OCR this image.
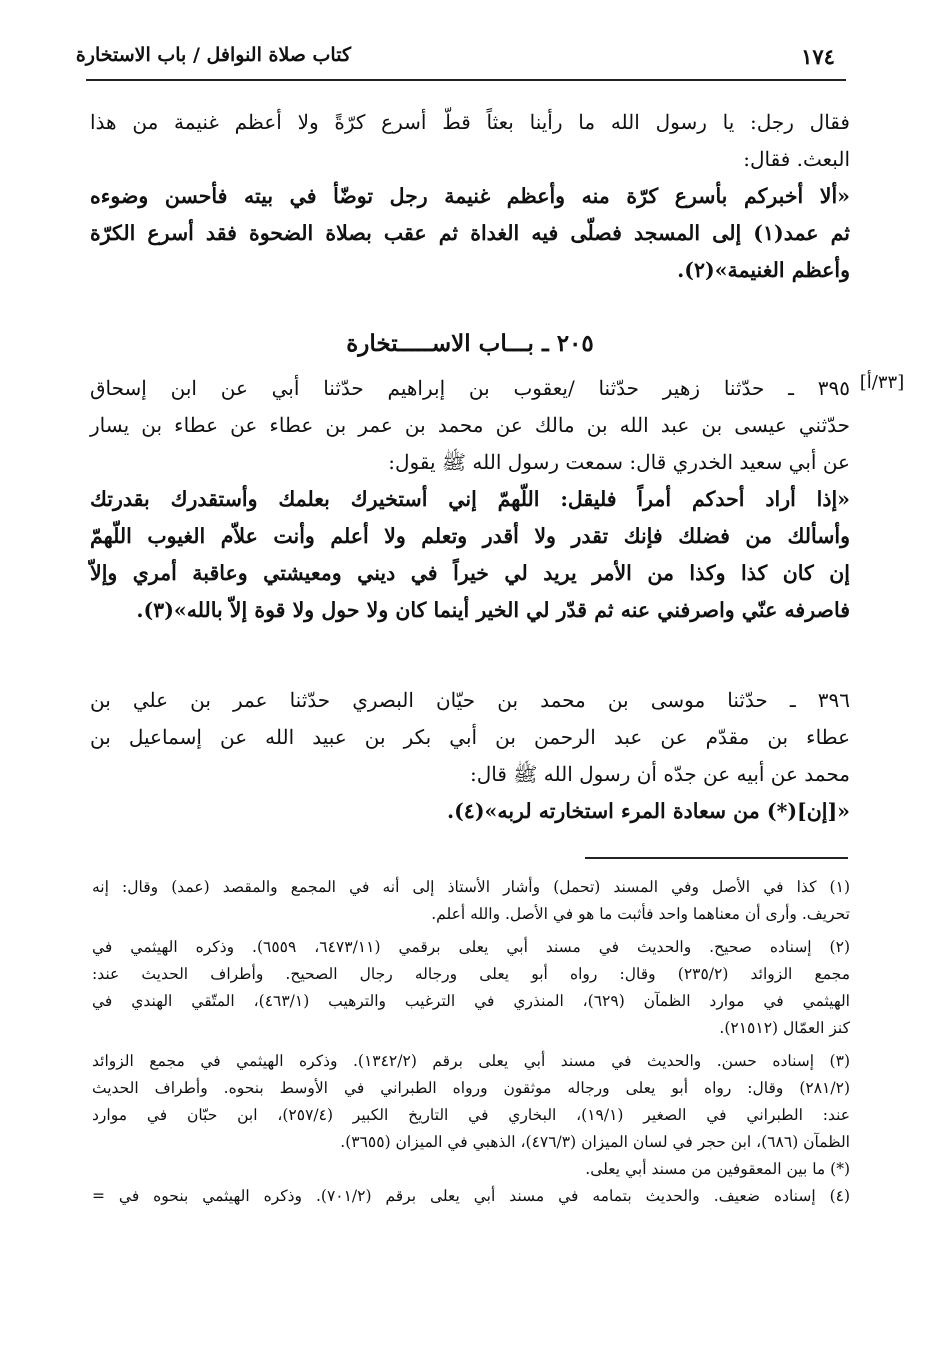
كتاب صلاة النوافل / باب الاستخارة	١٧٤
[٣٣/أ]
فقال رجل: يا رسول الله ما رأينا بعثاً قطّ أسرع كرّةً ولا أعظم غنيمة من هذا
البعث. فقال:
«ألا أخبركم بأسرع كرّة منه وأعظم غنيمة رجل توضّأ في بيته فأحسن وضوءه
ثم عمد(١) إلى المسجد فصلّى فيه الغداة ثم عقب بصلاة الضحوة فقد أسرع الكرّة
وأعظم الغنيمة»(٢).
٢٠٥ ـ بـــاب الاســـــتخارة
٣٩٥ ـ حدّثنا زهير حدّثنا /يعقوب بن إبراهيم حدّثنا أبي عن ابن إسحاق
حدّثني عيسى بن عبد الله بن مالك عن محمد بن عمر بن عطاء عن عطاء بن يسار
عن أبي سعيد الخدري قال: سمعت رسول الله ﷺ يقول:
«إذا أراد أحدكم أمراً فليقل: اللّهمّ إني أستخيرك بعلمك وأستقدرك بقدرتك
وأسألك من فضلك فإنك تقدر ولا أقدر وتعلم ولا أعلم وأنت علاّم الغيوب اللّهمّ
إن كان كذا وكذا من الأمر يريد لي خيراً في ديني ومعيشتي وعاقبة أمري وإلاّ
فاصرفه عنّي واصرفني عنه ثم قدّر لي الخير أينما كان ولا حول ولا قوة إلاّ بالله»(٣).
٣٩٦ ـ حدّثنا موسى بن محمد بن حيّان البصري حدّثنا عمر بن علي بن
عطاء بن مقدّم عن عبد الرحمن بن أبي بكر بن عبيد الله عن إسماعيل بن
محمد عن أبيه عن جدّه أن رسول الله ﷺ قال:
«[إن](*) من سعادة المرء استخارته لربه»(٤).
(١) كذا في الأصل وفي المسند (تحمل) وأشار الأستاذ إلى أنه في المجمع والمقصد (عمد) وقال: إنه
تحريف. وأرى أن معناهما واحد فأثبت ما هو في الأصل. والله أعلم.
(٢) إسناده صحيح. والحديث في مسند أبي يعلى برقمي (٦٤٧٣/١١، ٦٥٥٩). وذكره الهيثمي في
مجمع الزوائد (٢٣٥/٢) وقال: رواه أبو يعلى ورجاله رجال الصحيح. وأطراف الحديث عند:
الهيثمي في موارد الظمآن (٦٢٩)، المنذري في الترغيب والترهيب (٤٦٣/١)، المتّقي الهندي في
كنز العمّال (٢١٥١٢).
(٣) إسناده حسن. والحديث في مسند أبي يعلى برقم (١٣٤٢/٢). وذكره الهيثمي في مجمع الزوائد
(٢٨١/٢) وقال: رواه أبو يعلى ورجاله موثقون ورواه الطبراني في الأوسط بنحوه. وأطراف الحديث
عند: الطبراني في الصغير (١٩/١)، البخاري في التاريخ الكبير (٢٥٧/٤)، ابن حبّان في موارد
الظمآن (٦٨٦)، ابن حجر في لسان الميزان (٤٧٦/٣)، الذهبي في الميزان (٣٦٥٥).
(*) ما بين المعقوفين من مسند أبي يعلى.
(٤) إسناده ضعيف. والحديث بتمامه في مسند أبي يعلى برقم (٧٠١/٢). وذكره الهيثمي بنحوه في =
